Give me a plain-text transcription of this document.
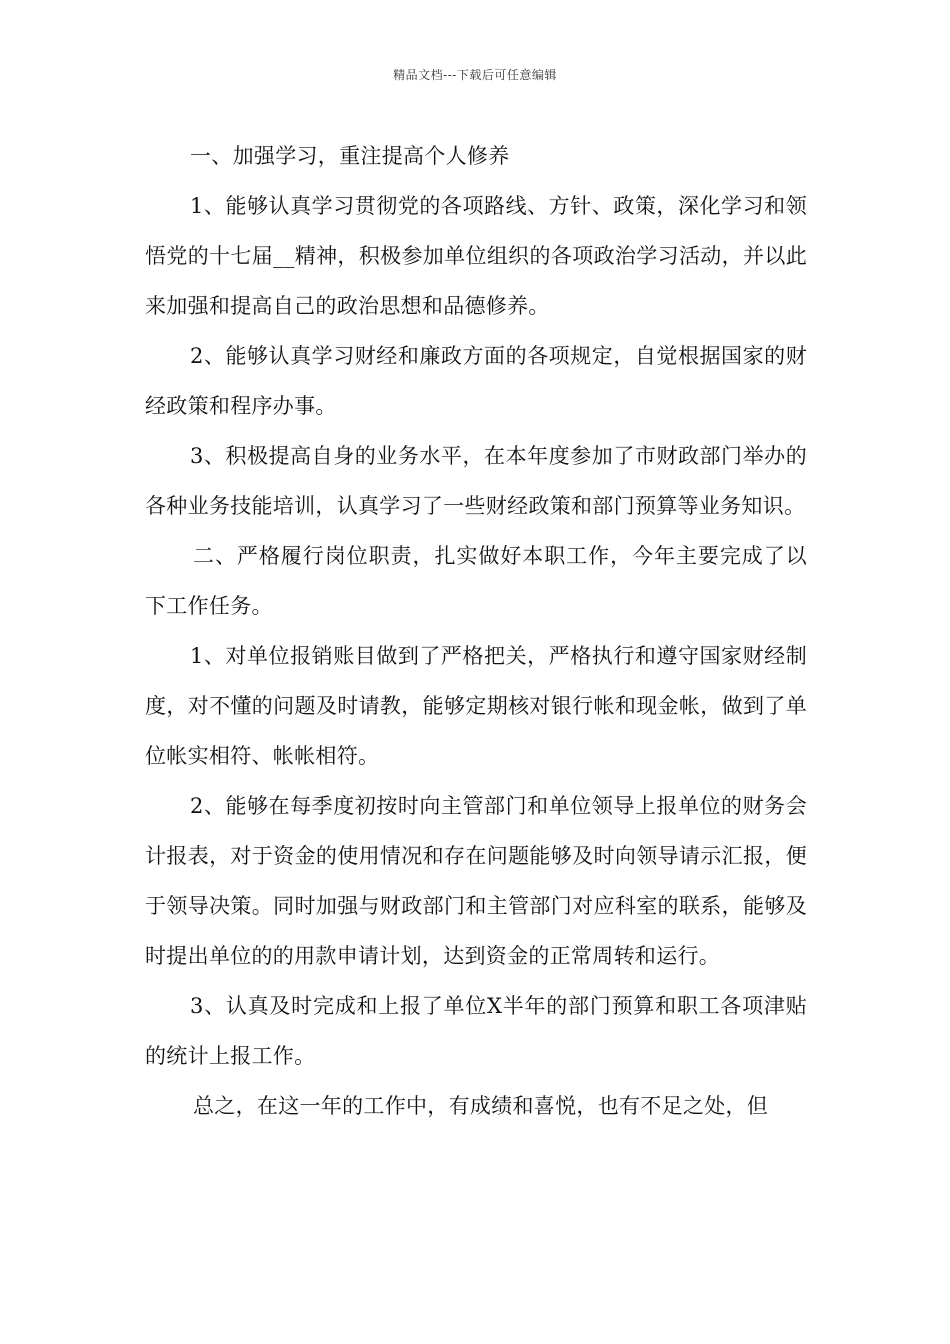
精品文档---下载后可任意编辑

一、加强学习，重注提高个人修养

1、能够认真学习贯彻党的各项路线、方针、政策，深化学习和领悟党的十七届__精神，积极参加单位组织的各项政治学习活动，并以此来加强和提高自己的政治思想和品德修养。

2、能够认真学习财经和廉政方面的各项规定，自觉根据国家的财经政策和程序办事。

3、积极提高自身的业务水平，在本年度参加了市财政部门举办的各种业务技能培训，认真学习了一些财经政策和部门预算等业务知识。

二、严格履行岗位职责，扎实做好本职工作，今年主要完成了以下工作任务。

1、对单位报销账目做到了严格把关，严格执行和遵守国家财经制度，对不懂的问题及时请教，能够定期核对银行帐和现金帐，做到了单位帐实相符、帐帐相符。

2、能够在每季度初按时向主管部门和单位领导上报单位的财务会计报表，对于资金的使用情况和存在问题能够及时向领导请示汇报，便于领导决策。同时加强与财政部门和主管部门对应科室的联系，能够及时提出单位的的用款申请计划，达到资金的正常周转和运行。

3、认真及时完成和上报了单位X半年的部门预算和职工各项津贴的统计上报工作。

总之，在这一年的工作中，有成绩和喜悦，也有不足之处，但
